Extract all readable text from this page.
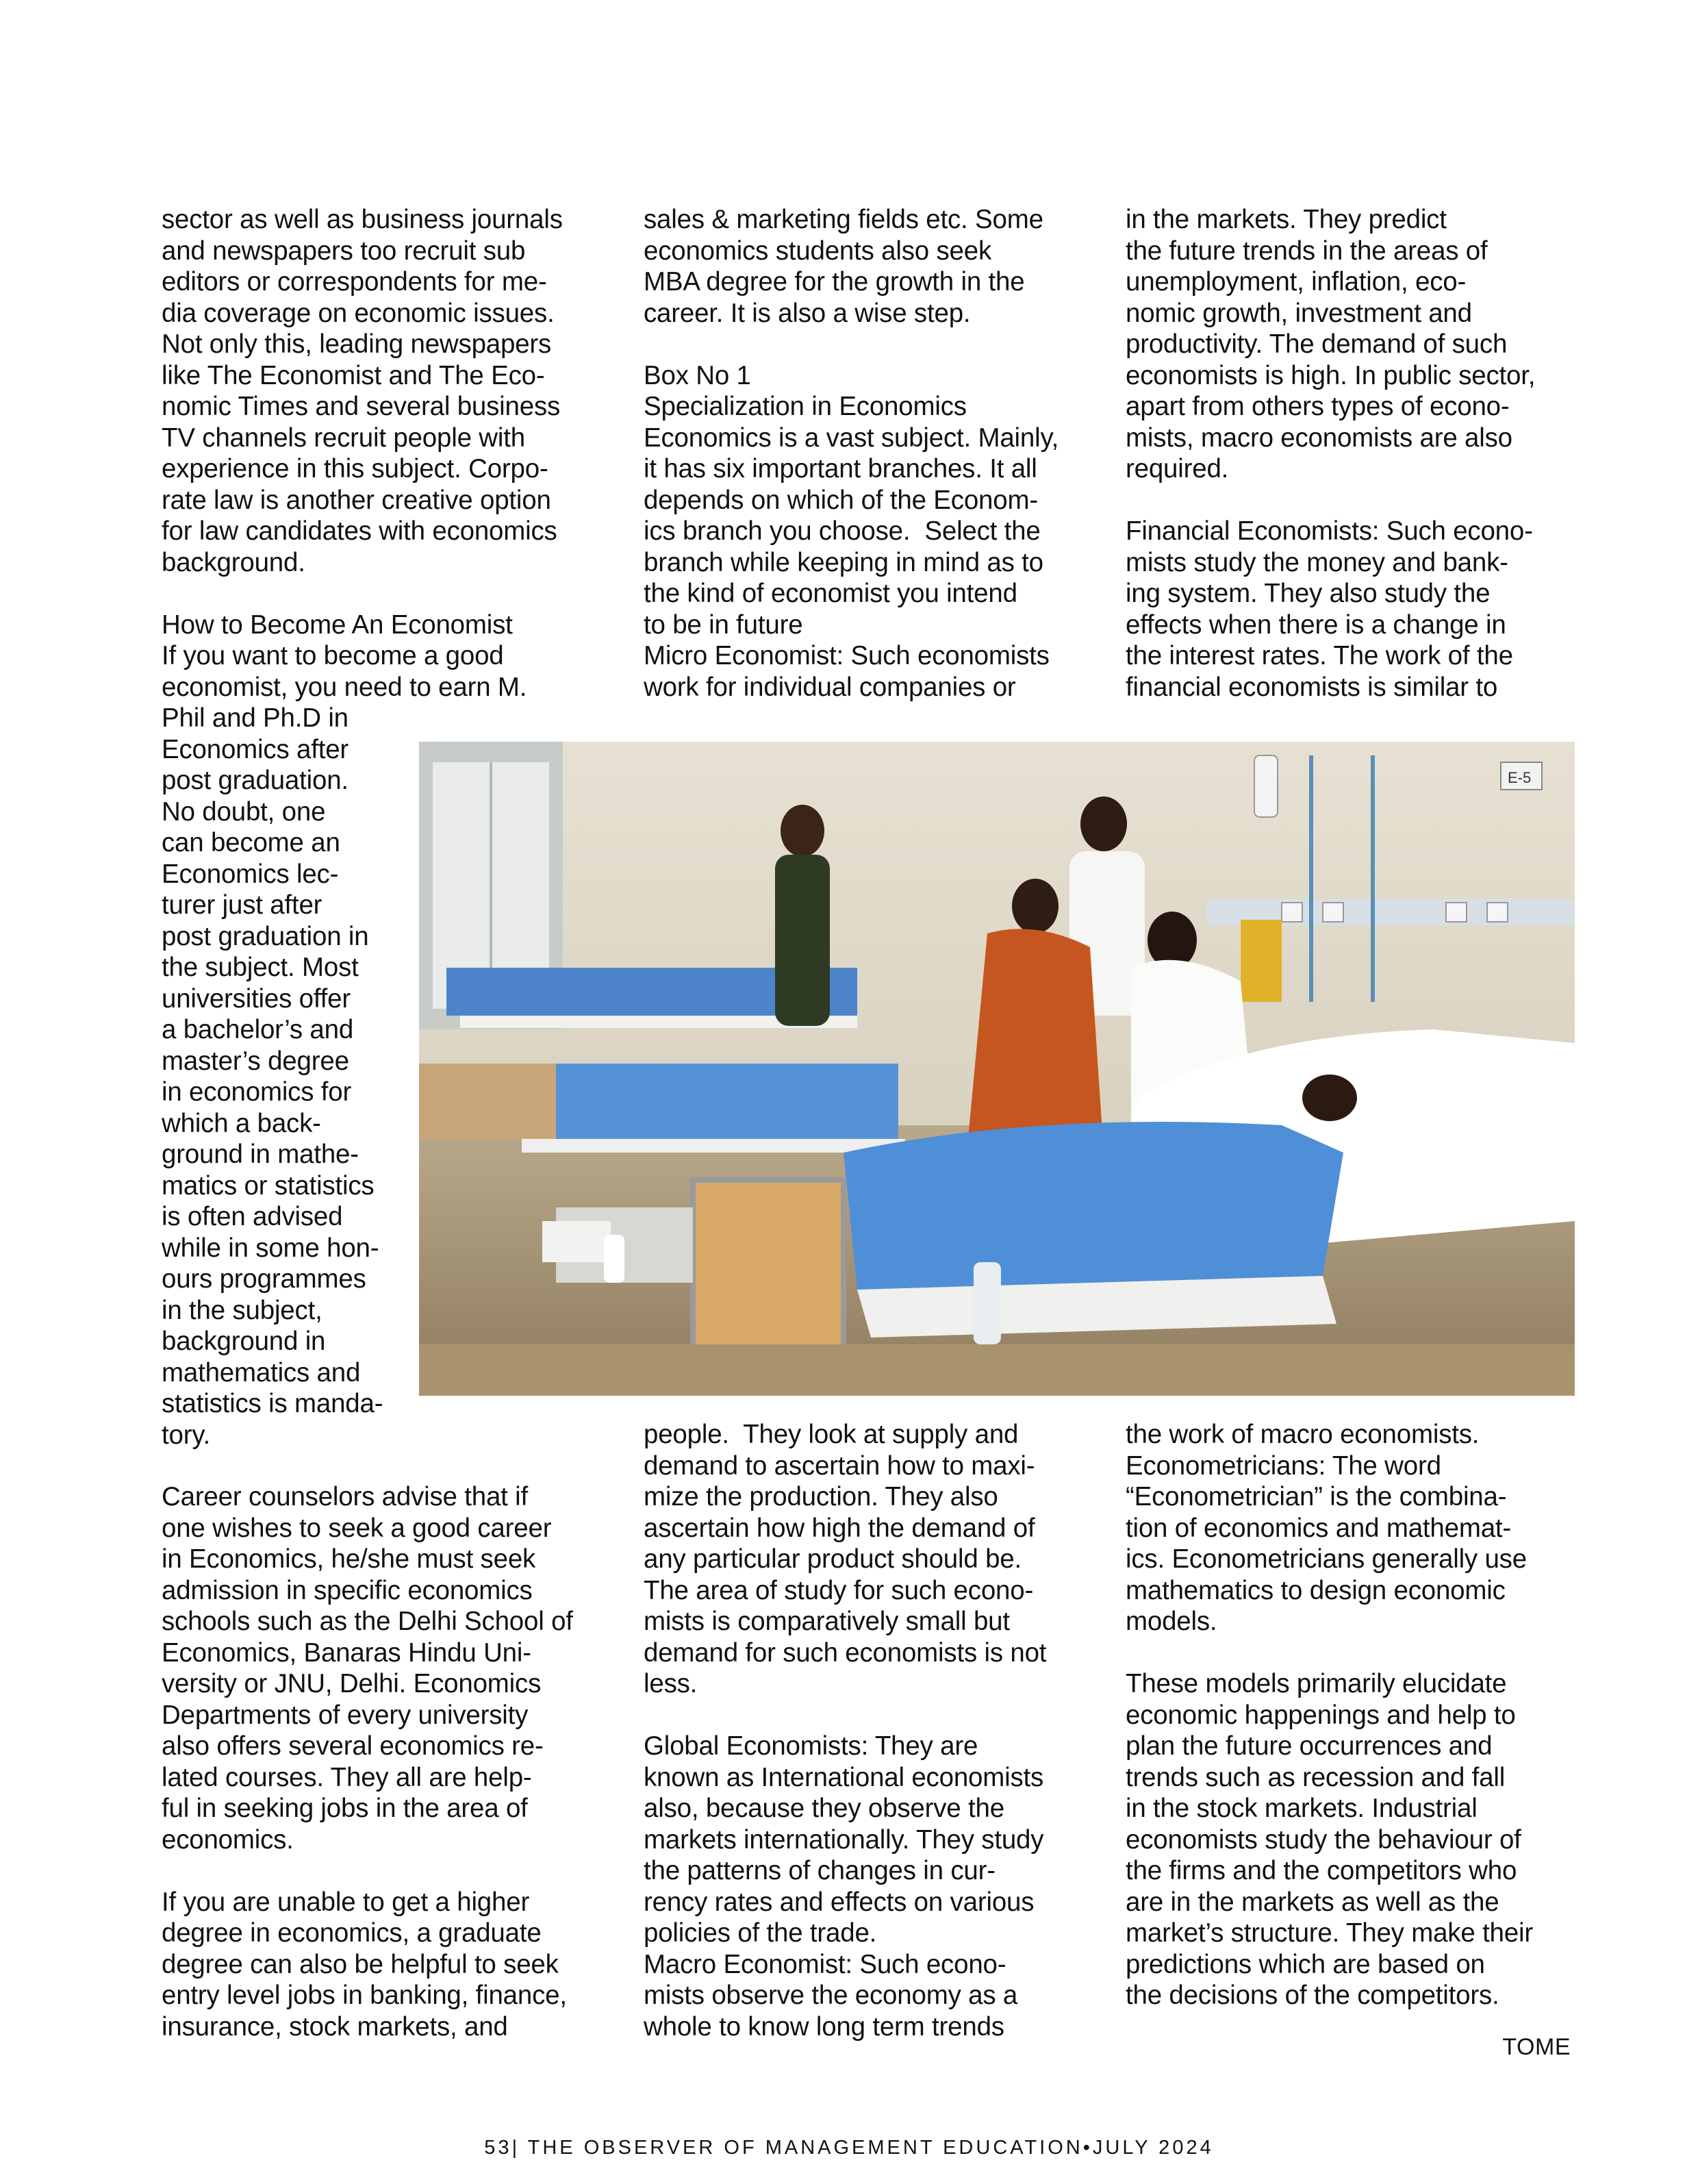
sector as well as business journals
and newspapers too recruit sub
editors or correspondents for me-
dia coverage on economic issues.
Not only this, leading newspapers
like The Economist and The Eco-
nomic Times and several business
TV channels recruit people with
experience in this subject. Corpo-
rate law is another creative option
for law candidates with economics
background.

How to Become An Economist
If you want to become a good
economist, you need to earn M.
Phil and Ph.D in
Economics after
post graduation.
No doubt, one
can become an
Economics lec-
turer just after
post graduation in
the subject. Most
universities offer
a bachelor’s and
master’s degree
in economics for
which a back-
ground in mathe-
matics or statistics
is often advised
while in some hon-
ours programmes
in the subject,
background in
mathematics and
statistics is manda-
tory.
Career counselors advise that if
one wishes to seek a good career
in Economics, he/she must seek
admission in specific economics
schools such as the Delhi School of
Economics, Banaras Hindu Uni-
versity or JNU, Delhi. Economics
Departments of every university
also offers several economics re-
lated courses. They all are help-
ful in seeking jobs in the area of
economics.

If you are unable to get a higher
degree in economics, a graduate
degree can also be helpful to seek
entry level jobs in banking, finance,
insurance, stock markets, and
sales & marketing fields etc. Some
economics students also seek
MBA degree for the growth in the
career. It is also a wise step.

Box No 1
Specialization in Economics
Economics is a vast subject. Mainly,
it has six important branches. It all
depends on which of the Econom-
ics branch you choose.  Select the
branch while keeping in mind as to
the kind of economist you intend
to be in future
Micro Economist: Such economists
work for individual companies or
people.  They look at supply and
demand to ascertain how to maxi-
mize the production. They also
ascertain how high the demand of
any particular product should be.
The area of study for such econo-
mists is comparatively small but
demand for such economists is not
less.

Global Economists: They are
known as International economists
also, because they observe the
markets internationally. They study
the patterns of changes in cur-
rency rates and effects on various
policies of the trade.
Macro Economist: Such econo-
mists observe the economy as a
whole to know long term trends
in the markets. They predict
the future trends in the areas of
unemployment, inflation, eco-
nomic growth, investment and
productivity. The demand of such
economists is high. In public sector,
apart from others types of econo-
mists, macro economists are also
required.

Financial Economists: Such econo-
mists study the money and bank-
ing system. They also study the
effects when there is a change in
the interest rates. The work of the
financial economists is similar to
the work of macro economists.
Econometricians: The word
“Econometrician” is the combina-
tion of economics and mathemat-
ics. Econometricians generally use
mathematics to design economic
models.

These models primarily elucidate
economic happenings and help to
plan the future occurrences and
trends such as recession and fall
in the stock markets. Industrial
economists study the behaviour of
the firms and the competitors who
are in the markets as well as the
market’s structure. They make their
predictions which are based on
the decisions of the competitors.
E-5
TOME
53| THE OBSERVER OF MANAGEMENT EDUCATION•JULY 2024
